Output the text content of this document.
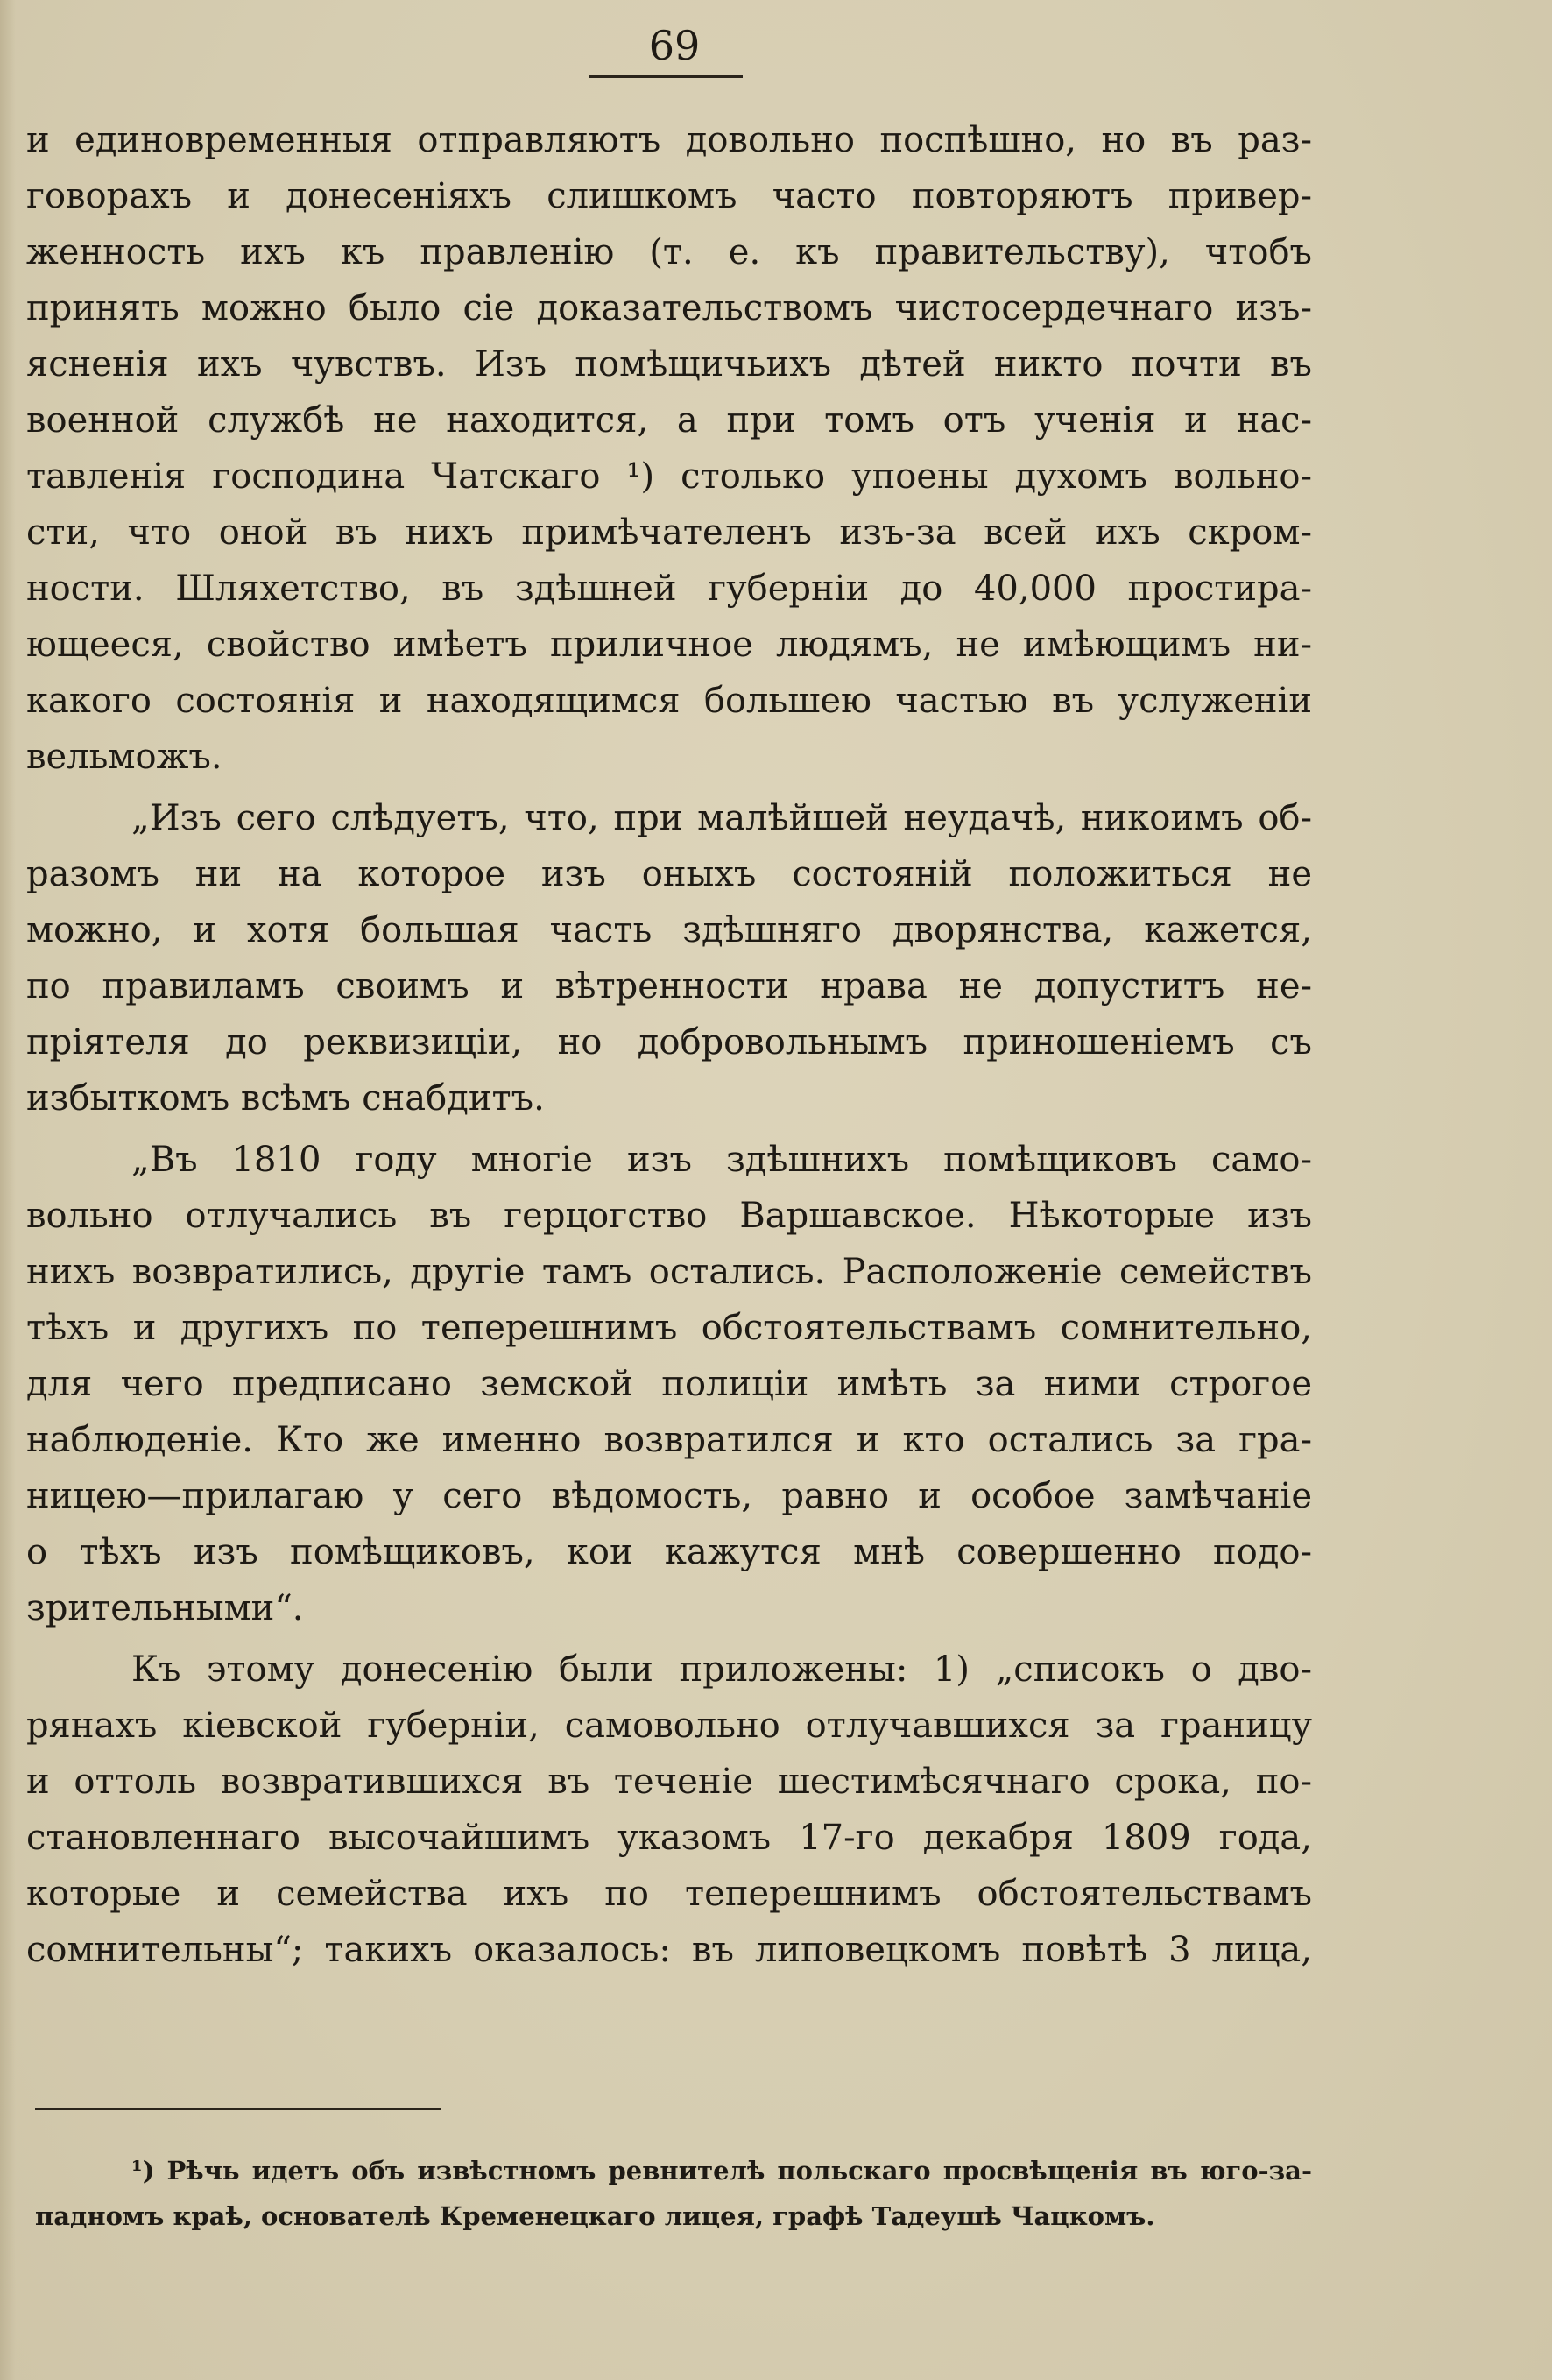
69
и единовременныя отправляютъ довольно поспѣшно, но въ раз-
говорахъ и донесеніяхъ слишкомъ часто повторяютъ привер-
женность ихъ къ правленію (т. е. къ правительству), чтобъ
принять можно было сіе доказательствомъ чистосердечнаго изъ-
ясненія ихъ чувствъ. Изъ помѣщичьихъ дѣтей никто почти въ
военной службѣ не находится, а при томъ отъ ученія и нас-
тавленія господина Чатскаго ¹) столько упоены духомъ вольно-
сти, что оной въ нихъ примѣчателенъ изъ-за всей ихъ скром-
ности. Шляхетство, въ здѣшней губерніи до 40,000 простира-
ющееся, свойство имѣетъ приличное людямъ, не имѣющимъ ни-
какого состоянія и находящимся большею частью въ услуженіи
вельможъ.
„Изъ сего слѣдуетъ, что, при малѣйшей неудачѣ, никоимъ об-
разомъ ни на которое изъ оныхъ состояній положиться не
можно, и хотя большая часть здѣшняго дворянства, кажется,
по правиламъ своимъ и вѣтренности нрава не допуститъ не-
пріятеля до реквизиціи, но добровольнымъ приношеніемъ съ
избыткомъ всѣмъ снабдитъ.
„Въ 1810 году многіе изъ здѣшнихъ помѣщиковъ само-
вольно отлучались въ герцогство Варшавское. Нѣкоторые изъ
нихъ возвратились, другіе тамъ остались. Расположеніе семействъ
тѣхъ и другихъ по теперешнимъ обстоятельствамъ сомнительно,
для чего предписано земской полиціи имѣть за ними строгое
наблюденіе. Кто же именно возвратился и кто остались за гра-
ницею—прилагаю у сего вѣдомость, равно и особое замѣчаніе
о тѣхъ изъ помѣщиковъ, кои кажутся мнѣ совершенно подо-
зрительными“.
Къ этому донесенію были приложены: 1) „списокъ о дво-
рянахъ кіевской губерніи, самовольно отлучавшихся за границу
и оттоль возвратившихся въ теченіе шестимѣсячнаго срока, по-
становленнаго высочайшимъ указомъ 17-го декабря 1809 года,
которые и семейства ихъ по теперешнимъ обстоятельствамъ
сомнительны“; такихъ оказалось: въ липовецкомъ повѣтѣ 3 лица,
¹) Рѣчь идетъ объ извѣстномъ ревнителѣ польскаго просвѣщенія въ юго-за-
падномъ краѣ, основателѣ Кременецкаго лицея, графѣ Тадеушѣ Чацкомъ.
